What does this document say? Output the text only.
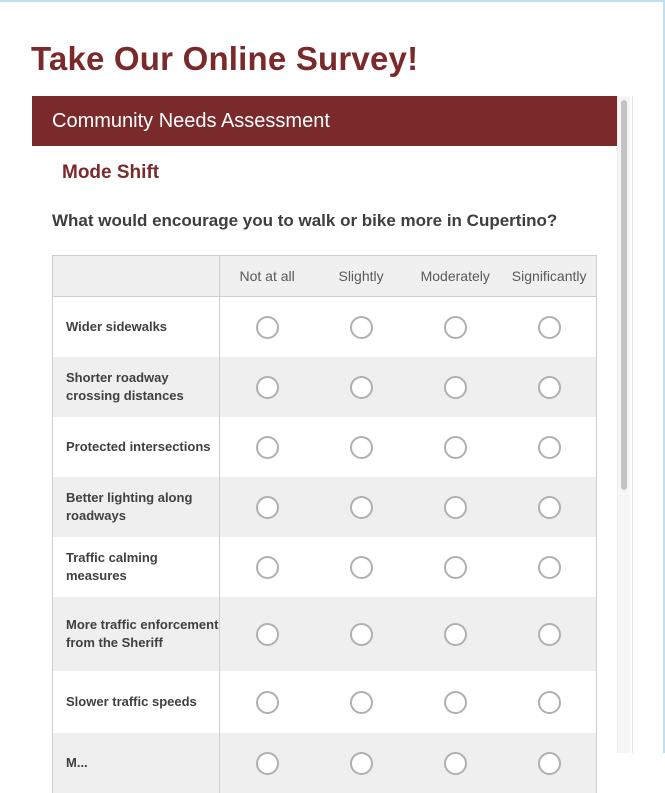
Take Our Online Survey!
Community Needs Assessment
Mode Shift

What would encourage you to walk or bike more in Cupertino?

	Not at all	Slightly	Moderately	Significantly
Wider sidewalks				
Shorter roadway crossing distances				
Protected intersections				
Better lighting along roadways				
Traffic calming measures				
More traffic enforcement from the Sheriff				
Slower traffic speeds				
M...				
